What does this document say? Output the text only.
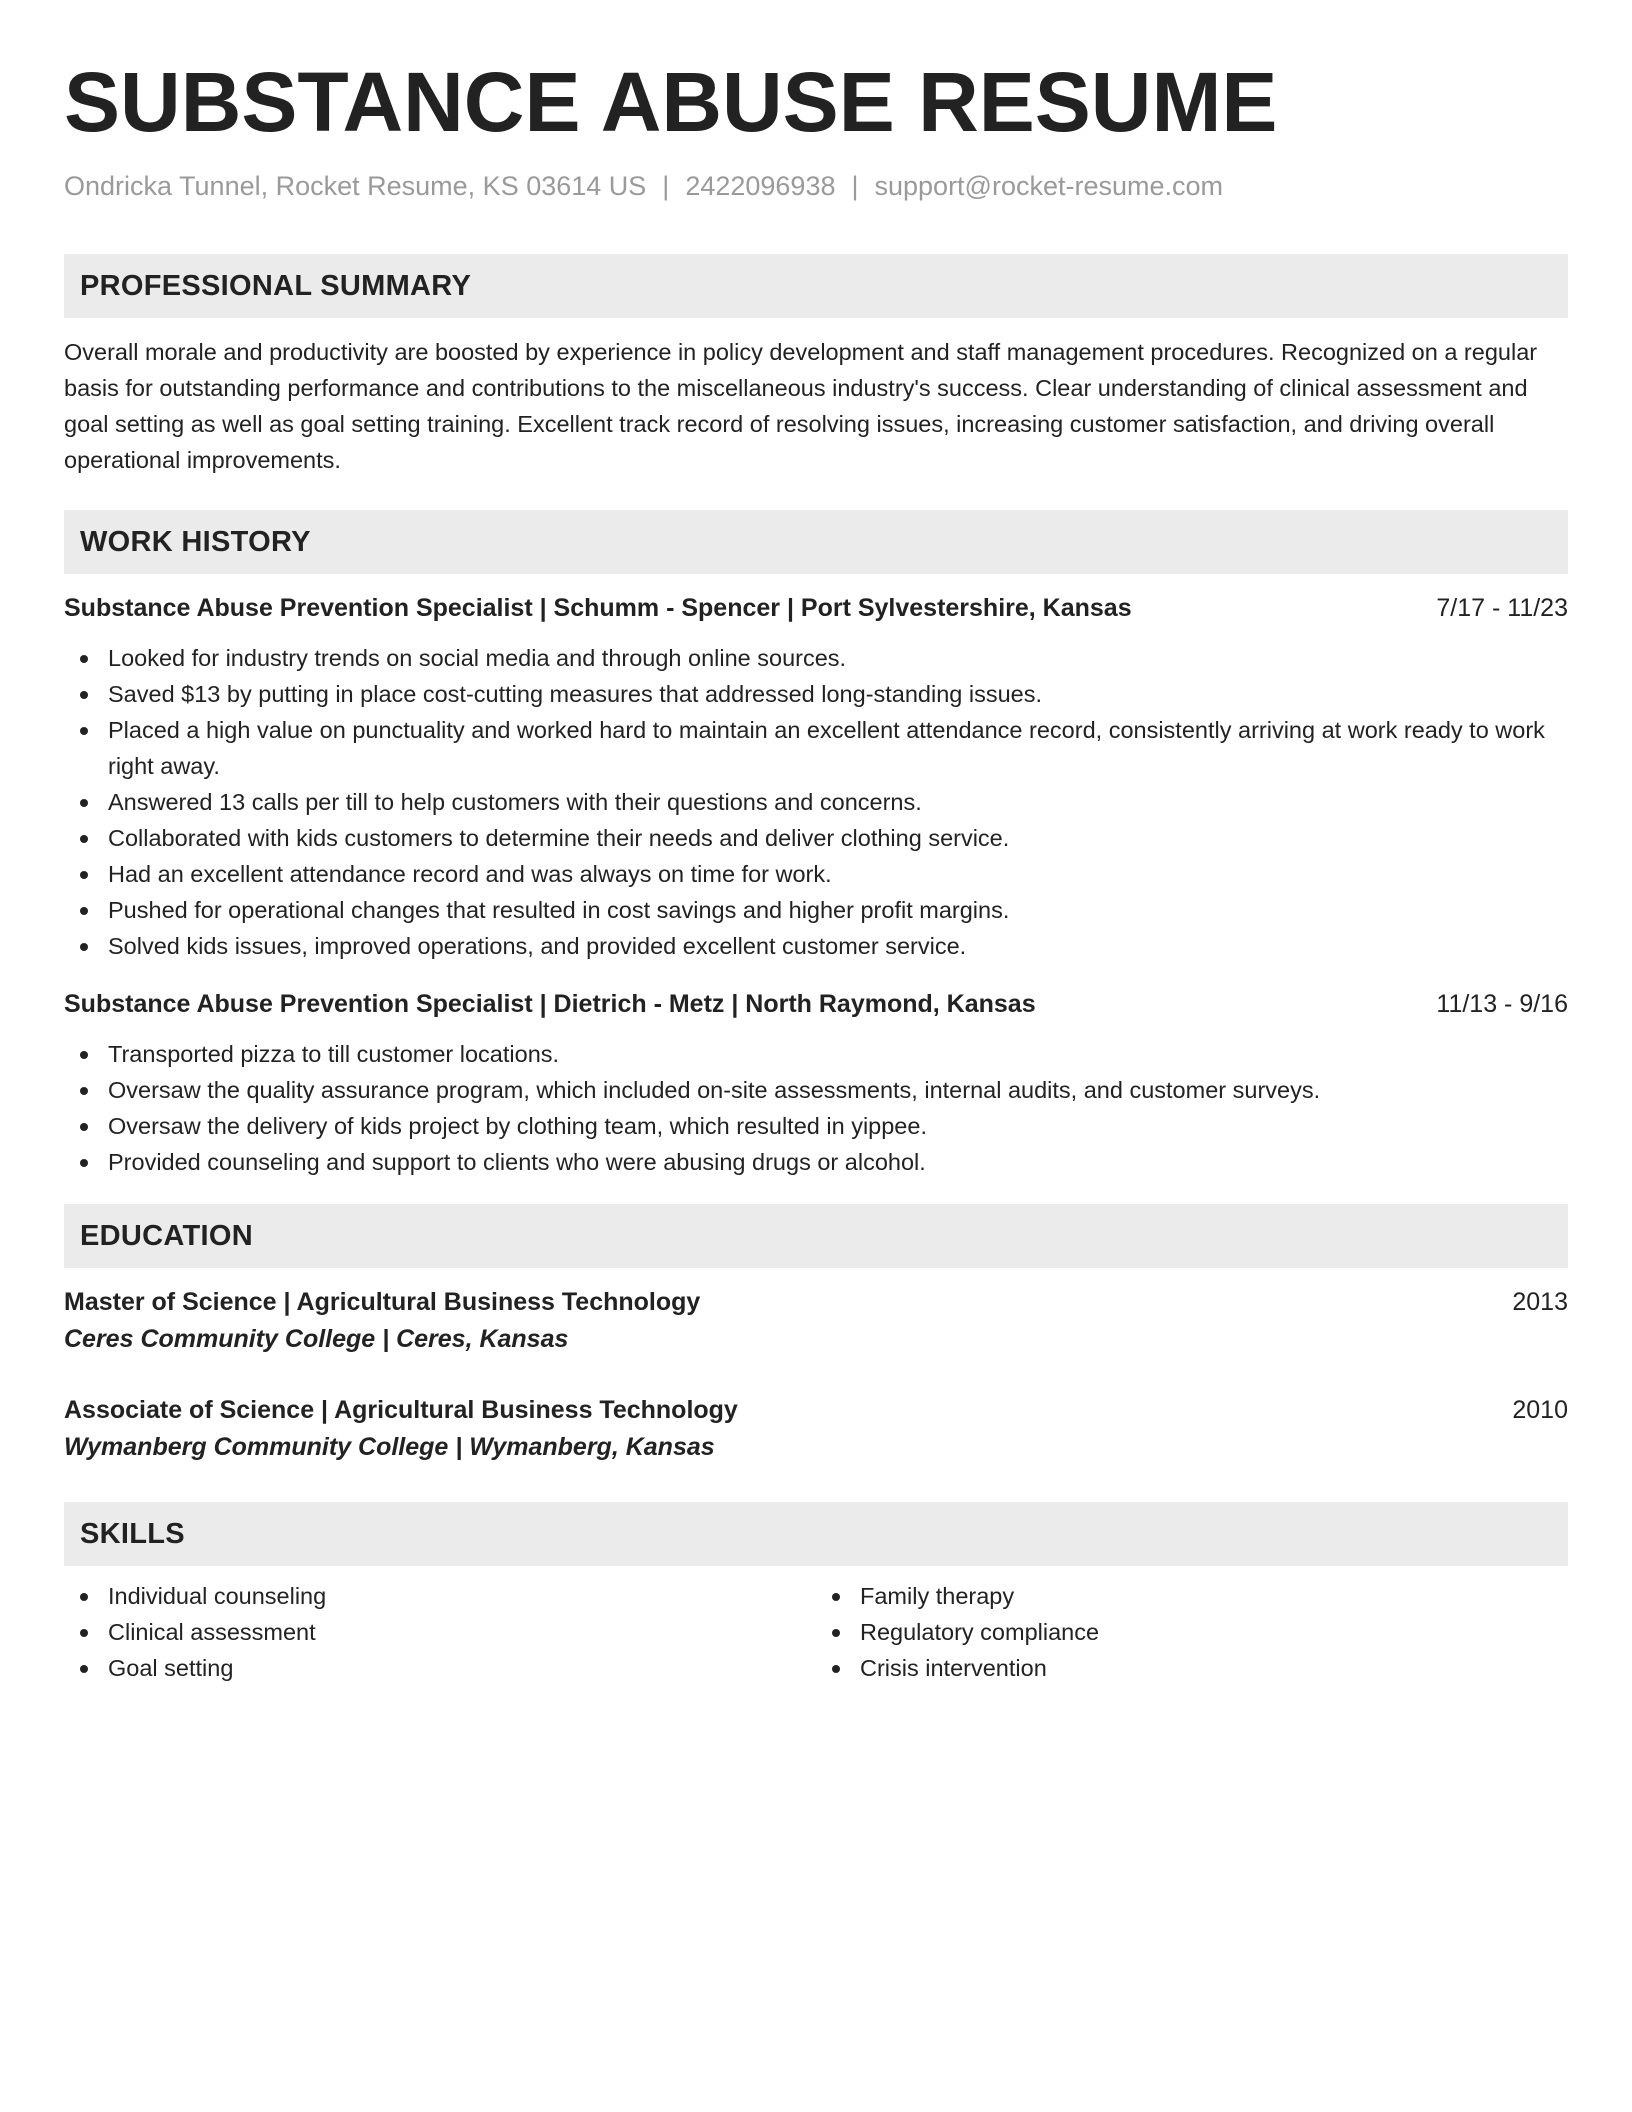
SUBSTANCE ABUSE RESUME
Ondricka Tunnel, Rocket Resume, KS 03614 US | 2422096938 | support@rocket-resume.com
PROFESSIONAL SUMMARY
Overall morale and productivity are boosted by experience in policy development and staff management procedures. Recognized on a regular basis for outstanding performance and contributions to the miscellaneous industry's success. Clear understanding of clinical assessment and goal setting as well as goal setting training. Excellent track record of resolving issues, increasing customer satisfaction, and driving overall operational improvements.
WORK HISTORY
Substance Abuse Prevention Specialist | Schumm - Spencer | Port Sylvestershire, Kansas	7/17 - 11/23
Looked for industry trends on social media and through online sources.
Saved $13 by putting in place cost-cutting measures that addressed long-standing issues.
Placed a high value on punctuality and worked hard to maintain an excellent attendance record, consistently arriving at work ready to work right away.
Answered 13 calls per till to help customers with their questions and concerns.
Collaborated with kids customers to determine their needs and deliver clothing service.
Had an excellent attendance record and was always on time for work.
Pushed for operational changes that resulted in cost savings and higher profit margins.
Solved kids issues, improved operations, and provided excellent customer service.
Substance Abuse Prevention Specialist | Dietrich - Metz | North Raymond, Kansas	11/13 - 9/16
Transported pizza to till customer locations.
Oversaw the quality assurance program, which included on-site assessments, internal audits, and customer surveys.
Oversaw the delivery of kids project by clothing team, which resulted in yippee.
Provided counseling and support to clients who were abusing drugs or alcohol.
EDUCATION
Master of Science | Agricultural Business Technology	2013
Ceres Community College | Ceres, Kansas
Associate of Science | Agricultural Business Technology	2010
Wymanberg Community College | Wymanberg, Kansas
SKILLS
Individual counseling
Clinical assessment
Goal setting
Family therapy
Regulatory compliance
Crisis intervention
